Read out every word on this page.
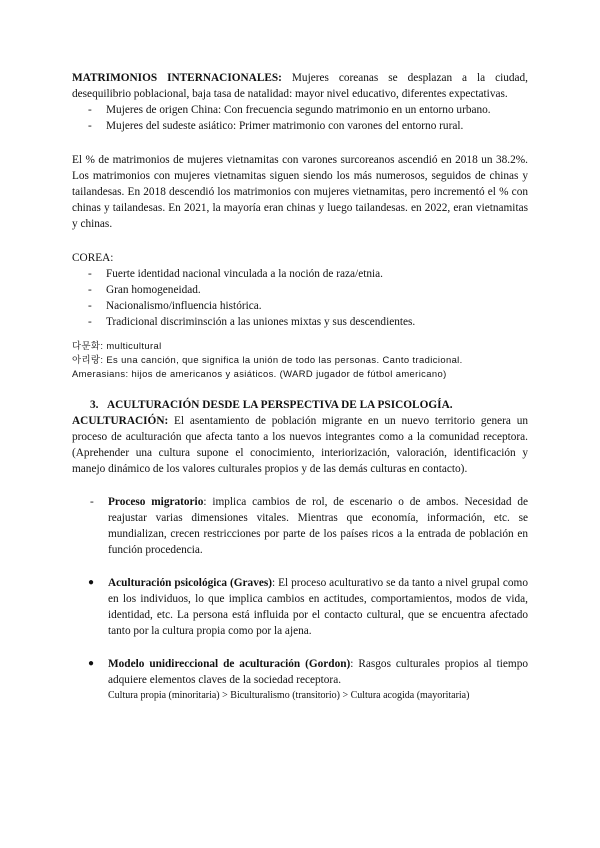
MATRIMONIOS INTERNACIONALES: Mujeres coreanas se desplazan a la ciudad, desequilibrio poblacional, baja tasa de natalidad: mayor nivel educativo, diferentes expectativas.

- Mujeres de origen China: Con frecuencia segundo matrimonio en un entorno urbano.
- Mujeres del sudeste asiático: Primer matrimonio con varones del entorno rural.

El % de matrimonios de mujeres vietnamitas con varones surcoreanos ascendió en 2018 un 38.2%. Los matrimonios con mujeres vietnamitas siguen siendo los más numerosos, seguidos de chinas y tailandesas. En 2018 descendió los matrimonios con mujeres vietnamitas, pero incrementó el % con chinas y tailandesas. En 2021, la mayoría eran chinas y luego tailandesas. en 2022, eran vietnamitas y chinas.

COREA:

- Fuerte identidad nacional vinculada a la noción de raza/etnia.
- Gran homogeneidad.
- Nacionalismo/influencia histórica.
- Tradicional discriminsción a las uniones mixtas y sus descendientes.

다문화: multicultural

아리랑: Es una canción, que significa la unión de todo las personas. Canto tradicional.

Amerasians: hijos de americanos y asiáticos. (WARD jugador de fútbol americano)

3. ACULTURACIÓN DESDE LA PERSPECTIVA DE LA PSICOLOGÍA.

ACULTURACIÓN: El asentamiento de población migrante en un nuevo territorio genera un proceso de aculturación que afecta tanto a los nuevos integrantes como a la comunidad receptora. (Aprehender una cultura supone el conocimiento, interiorización, valoración, identificación y manejo dinámico de los valores culturales propios y de las demás culturas en contacto).

- Proceso migratorio: implica cambios de rol, de escenario o de ambos. Necesidad de reajustar varias dimensiones vitales. Mientras que economía, información, etc. se mundializan, crecen restricciones por parte de los países ricos a la entrada de población en función procedencia.
● Aculturación psicológica (Graves): El proceso aculturativo se da tanto a nivel grupal como en los individuos, lo que implica cambios en actitudes, comportamientos, modos de vida, identidad, etc. La persona está influida por el contacto cultural, que se encuentra afectado tanto por la cultura propia como por la ajena.
● Modelo unidireccional de aculturación (Gordon): Rasgos culturales propios al tiempo adquiere elementos claves de la sociedad receptora.
Cultura propia (minoritaria) > Biculturalismo (transitorio) > Cultura acogida (mayoritaria)
